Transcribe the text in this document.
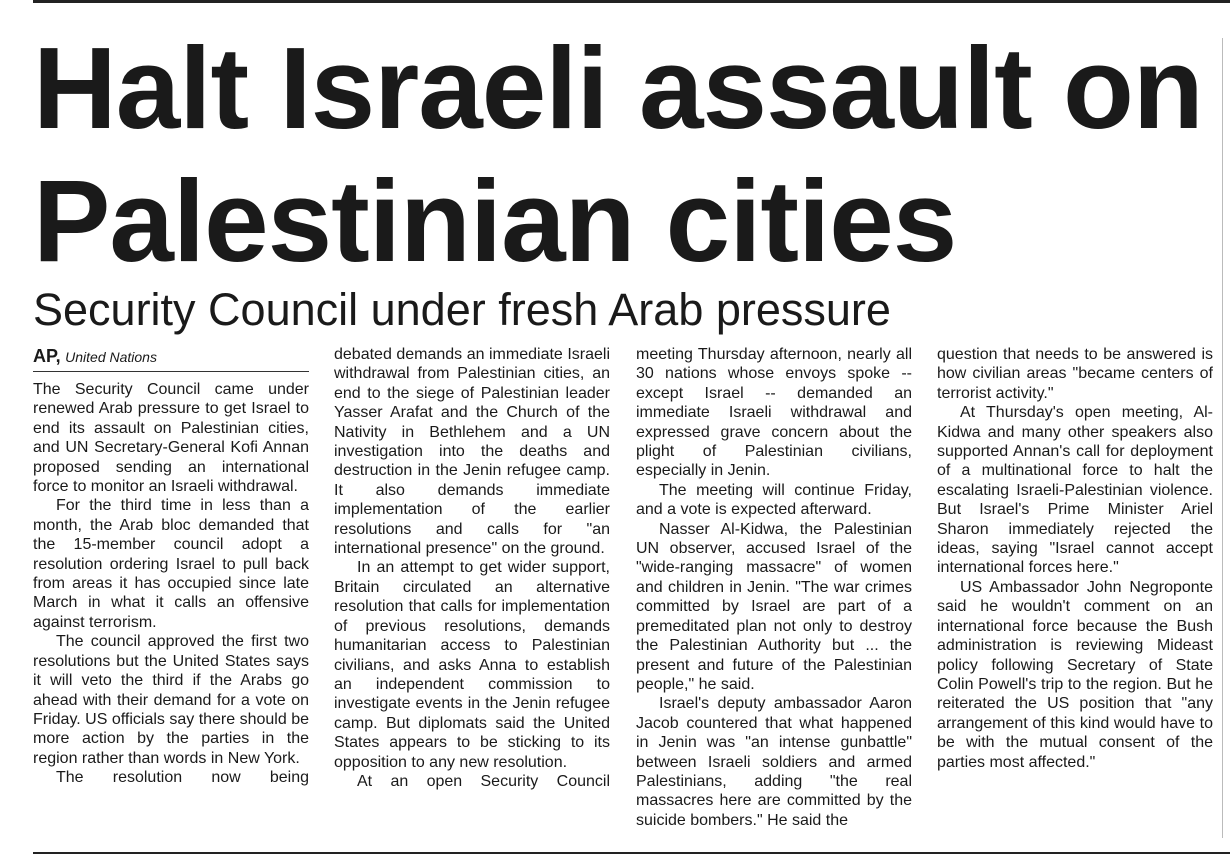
Halt Israeli assault on Palestinian cities
Security Council under fresh Arab pressure
AP, United Nations

The Security Council came under renewed Arab pressure to get Israel to end its assault on Palestinian cities, and UN Secretary-General Kofi Annan proposed sending an international force to monitor an Israeli withdrawal.

For the third time in less than a month, the Arab bloc demanded that the 15-member council adopt a resolution ordering Israel to pull back from areas it has occupied since late March in what it calls an offensive against terrorism.

The council approved the first two resolutions but the United States says it will veto the third if the Arabs go ahead with their demand for a vote on Friday. US officials say there should be more action by the parties in the region rather than words in New York.

The resolution now being

debated demands an immediate Israeli withdrawal from Palestinian cities, an end to the siege of Palestinian leader Yasser Arafat and the Church of the Nativity in Bethlehem and a UN investigation into the deaths and destruction in the Jenin refugee camp. It also demands immediate implementation of the earlier resolutions and calls for "an international presence" on the ground.

In an attempt to get wider support, Britain circulated an alternative resolution that calls for implementation of previous resolutions, demands humanitarian access to Palestinian civilians, and asks Anna to establish an independent commission to investigate events in the Jenin refugee camp. But diplomats said the United States appears to be sticking to its opposition to any new resolution.

At an open Security Council

meeting Thursday afternoon, nearly all 30 nations whose envoys spoke -- except Israel -- demanded an immediate Israeli withdrawal and expressed grave concern about the plight of Palestinian civilians, especially in Jenin.

The meeting will continue Friday, and a vote is expected afterward.

Nasser Al-Kidwa, the Palestinian UN observer, accused Israel of the "wide-ranging massacre" of women and children in Jenin. "The war crimes committed by Israel are part of a premeditated plan not only to destroy the Palestinian Authority but ... the present and future of the Palestinian people," he said.

Israel's deputy ambassador Aaron Jacob countered that what happened in Jenin was "an intense gunbattle" between Israeli soldiers and armed Palestinians, adding "the real massacres here are committed by the suicide bombers." He said the

question that needs to be answered is how civilian areas "became centers of terrorist activity."

At Thursday's open meeting, Al-Kidwa and many other speakers also supported Annan's call for deployment of a multinational force to halt the escalating Israeli-Palestinian violence. But Israel's Prime Minister Ariel Sharon immediately rejected the ideas, saying "Israel cannot accept international forces here."

US Ambassador John Negroponte said he wouldn't comment on an international force because the Bush administration is reviewing Mideast policy following Secretary of State Colin Powell's trip to the region. But he reiterated the US position that "any arrangement of this kind would have to be with the mutual consent of the parties most affected."
